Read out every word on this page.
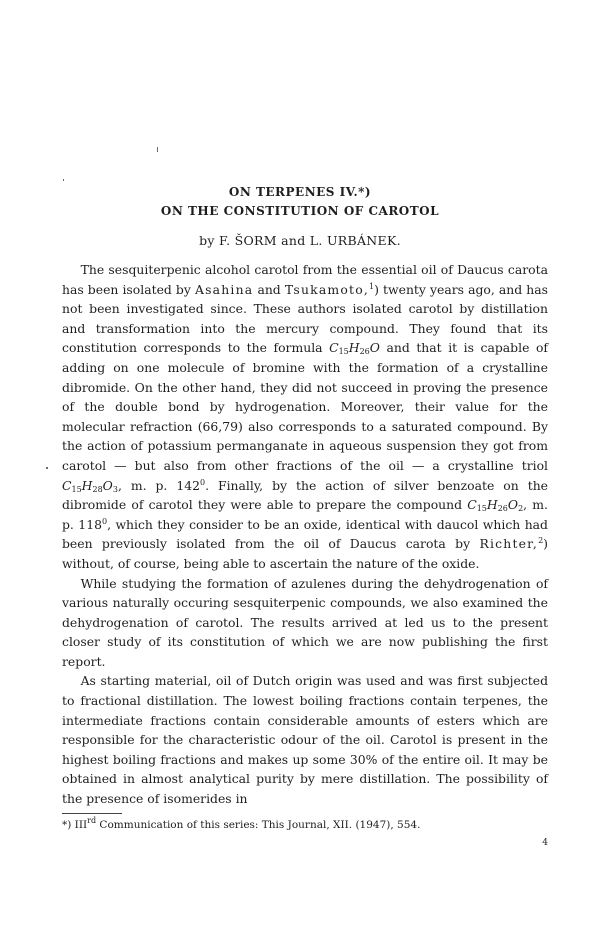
ON TERPENES IV.*)
ON THE CONSTITUTION OF CAROTOL
by F. ŠORM and L. URBÁNEK.

The sesquiterpenic alcohol carotol from the essential oil of Daucus carota has been isolated by Asahina and Tsukamoto,$^1$) twenty years ago, and has not been investigated since. These authors isolated carotol by distillation and transformation into the mercury compound. They found that its constitution corresponds to the formula $C_{15}H_{26}O$ and that it is capable of adding on one molecule of bromine with the formation of a crystalline dibromide. On the other hand, they did not succeed in proving the presence of the double bond by hydrogenation. Moreover, their value for the molecular refraction (66,79) also corresponds to a saturated compound. By the action of potassium permanganate in aqueous suspension they got from carotol — but also from other fractions of the oil — a crystalline triol $C_{15}H_{28}O_3$, m. p. $142^0$. Finally, by the action of silver benzoate on the dibromide of carotol they were able to prepare the compound $C_{15}H_{26}O_2$, m. p. $118^0$, which they consider to be an oxide, identical with daucol which had been previously isolated from the oil of Daucus carota by Richter,$^2$) without, of course, being able to ascertain the nature of the oxide.

While studying the formation of azulenes during the dehydrogenation of various naturally occuring sesquiterpenic compounds, we also examined the dehydrogenation of carotol. The results arrived at led us to the present closer study of its constitution of which we are now publishing the first report.

As starting material, oil of Dutch origin was used and was first subjected to fractional distillation. The lowest boiling fractions contain terpenes, the intermediate fractions contain considerable amounts of esters which are responsible for the characteristic odour of the oil. Carotol is present in the highest boiling fractions and makes up some 30% of the entire oil. It may be obtained in almost analytical purity by mere distillation. The possibility of the presence of isomerides in

*) IIIrd Communication of this series: This Journal, XII. (1947), 554.
4
